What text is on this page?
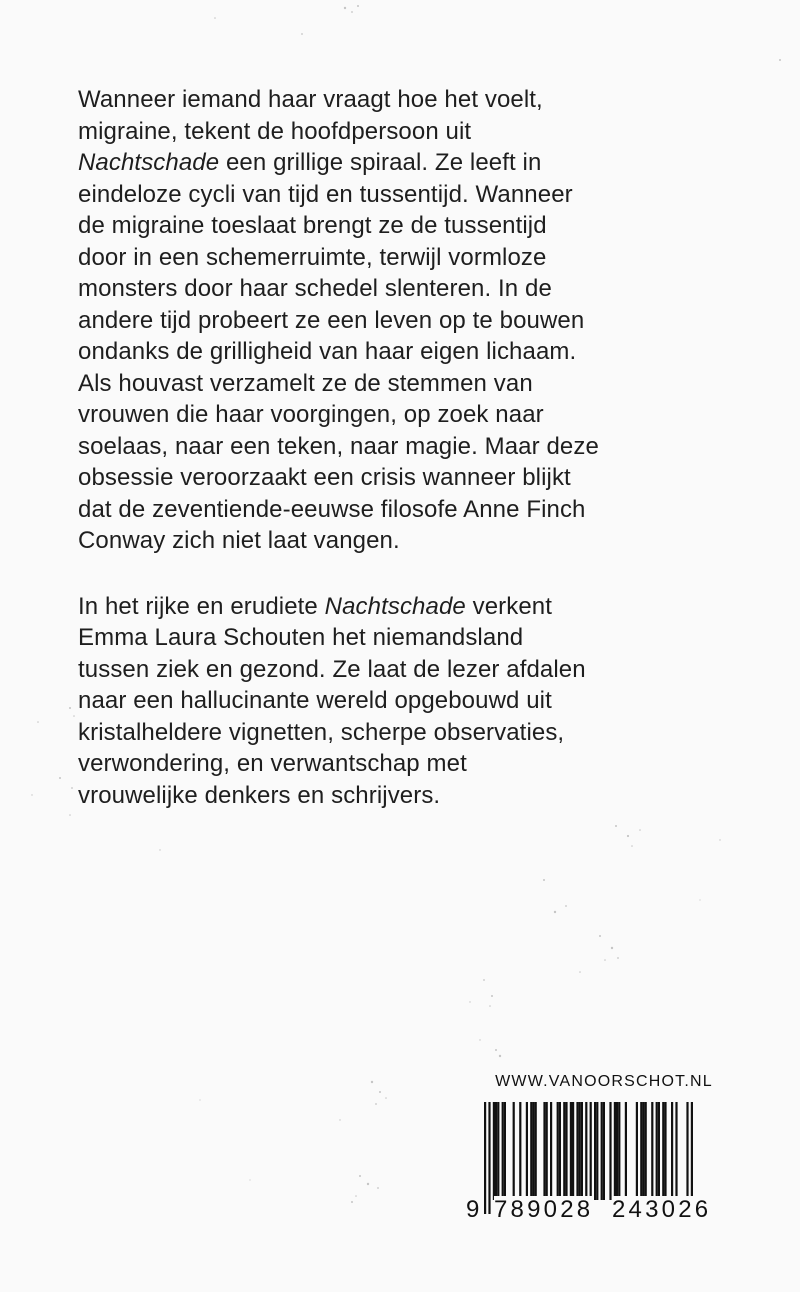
Wanneer iemand haar vraagt hoe het voelt,
migraine, tekent de hoofdpersoon uit
Nachtschade een grillige spiraal. Ze leeft in
eindeloze cycli van tijd en tussentijd. Wanneer
de migraine toeslaat brengt ze de tussentijd
door in een schemerruimte, terwijl vormloze
monsters door haar schedel slenteren. In de
andere tijd probeert ze een leven op te bouwen
ondanks de grilligheid van haar eigen lichaam.
Als houvast verzamelt ze de stemmen van
vrouwen die haar voorgingen, op zoek naar
soelaas, naar een teken, naar magie. Maar deze
obsessie veroorzaakt een crisis wanneer blijkt
dat de zeventiende-eeuwse filosofe Anne Finch
Conway zich niet laat vangen.

In het rijke en erudiete Nachtschade verkent
Emma Laura Schouten het niemandsland
tussen ziek en gezond. Ze laat de lezer afdalen
naar een hallucinante wereld opgebouwd uit
kristalheldere vignetten, scherpe observaties,
verwondering, en verwantschap met
vrouwelijke denkers en schrijvers.

WWW.VANOORSCHOT.NL
9 789028 243026
